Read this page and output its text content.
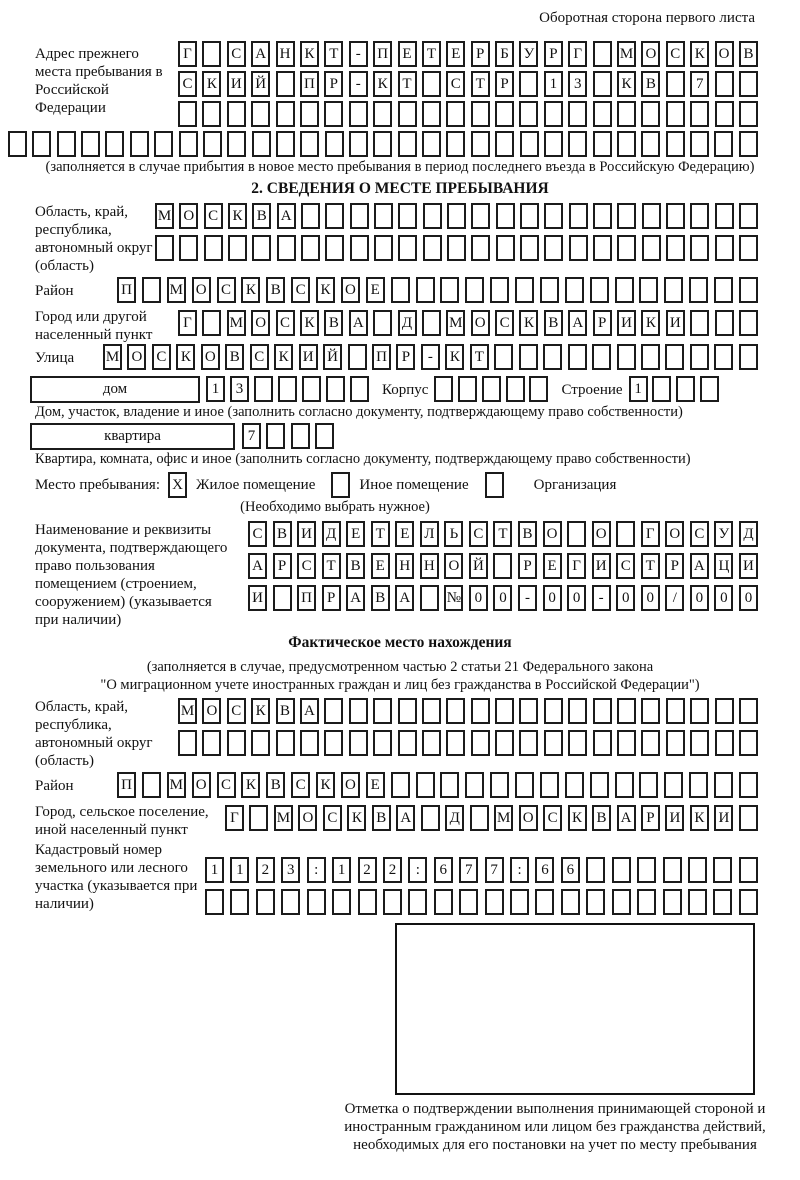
Оборотная сторона первого листа
Адрес прежнего места пребывания в Российской Федерации
Г	С А Н К Т	-	П Е	Т	Е	Р	Б У Р	Г	М О С К О В
С К И Й	П Р	-	К Т	С Т	Р	1	3	К В	7
(заполняется в случае прибытия в новое место пребывания в период последнего въезда в Российскую Федерацию)
2. СВЕДЕНИЯ О МЕСТЕ ПРЕБЫВАНИЯ
Область, край, республика, автономный округ (область)
М О С К В А
Район	П	М О С К В С К О Е
Город или другой населенный пункт
Г	М О С К В А	Д М О С К В А Р И К И
Улица	М О С К О В С К И Й	П Р	-	К Т
дом	1	3	Корпус	Строение 1
Дом, участок, владение и иное (заполнить согласно документу, подтверждающему право собственности)
квартира	7
Квартира, комната, офис и иное (заполнить согласно документу, подтверждающему право собственности)
Место пребывания: X Жилое помещение	Иное помещение	Организация
(Необходимо выбрать нужное)
Наименование и реквизиты документа, подтверждающего право пользования помещением (строением, сооружением) (указывается при наличии)
С В И Д Е	Т	Е Л	Ь	С Т В О	О	Г О С У Д
А Р	С Т В Е Н Н О Й	Р	Е	Г И С Т	Р А Ц И
И	П Р А В А № 0	0	-	0	0	-	0	0	/	0	0	0
Фактическое место нахождения
(заполняется в случае, предусмотренном частью 2 статьи 21 Федерального закона
"О миграционном учете иностранных граждан и лиц без гражданства в Российской Федерации")
Область, край, республика, автономный округ (область)
М О С К В А
Район	П	М О С К В С К О Е
Город, сельское поселение, иной населенный пункт
Г	М О С К В А	Д М О С К В А Р И К И
Кадастровый номер земельного или лесного участка (указывается при наличии)
1	1	2	3	:	1	2	2	:	6	7	7	:	6	6
Отметка о подтверждении выполнения принимающей стороной и иностранным гражданином или лицом без гражданства действий, необходимых для его постановки на учет по месту пребывания
